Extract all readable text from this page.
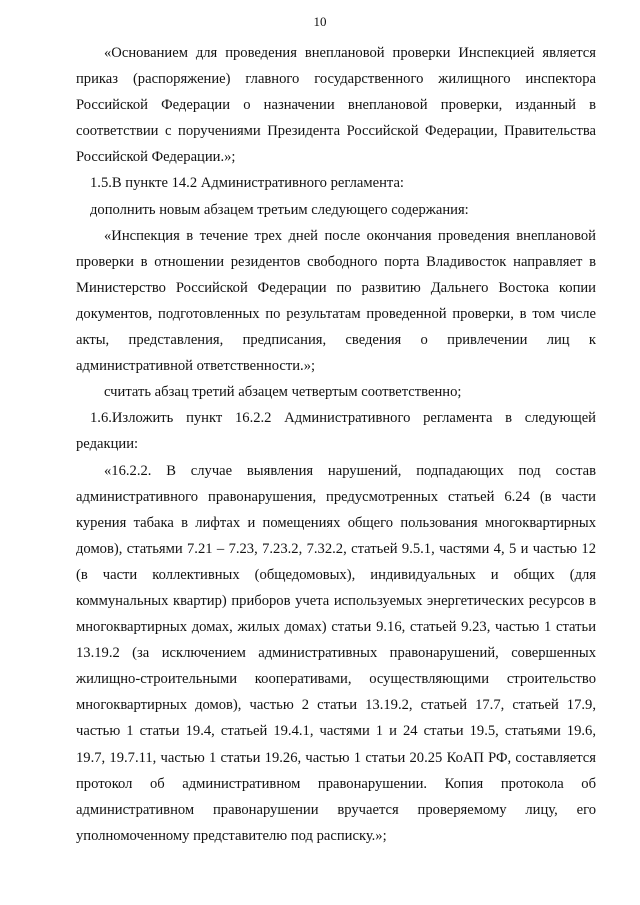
10

«Основанием для проведения внеплановой проверки Инспекцией является приказ (распоряжение) главного государственного жилищного инспектора Российской Федерации о назначении внеплановой проверки, изданный в соответствии с поручениями Президента Российской Федерации, Правительства Российской Федерации.»;

1.5.В пункте 14.2 Административного регламента:

дополнить новым абзацем третьим следующего содержания:

«Инспекция в течение трех дней после окончания проведения внеплановой проверки в отношении резидентов свободного порта Владивосток направляет в Министерство Российской Федерации по развитию Дальнего Востока копии документов, подготовленных по результатам проведенной проверки, в том числе акты, представления, предписания, сведения о привлечении лиц к административной ответственности.»;

считать абзац третий абзацем четвертым соответственно;

1.6.Изложить пункт 16.2.2 Административного регламента в следующей редакции:

«16.2.2. В случае выявления нарушений, подпадающих под состав административного правонарушения, предусмотренных статьей 6.24 (в части курения табака в лифтах и помещениях общего пользования многоквартирных домов), статьями 7.21 – 7.23, 7.23.2, 7.32.2, статьей 9.5.1, частями 4, 5 и частью 12 (в части коллективных (общедомовых), индивидуальных и общих (для коммунальных квартир) приборов учета используемых энергетических ресурсов в многоквартирных домах, жилых домах) статьи 9.16, статьей 9.23, частью 1 статьи 13.19.2 (за исключением административных правонарушений, совершенных жилищно-строительными кооперативами, осуществляющими строительство многоквартирных домов), частью 2 статьи 13.19.2, статьей 17.7, статьей 17.9, частью 1 статьи 19.4, статьей 19.4.1, частями 1 и 24 статьи 19.5, статьями 19.6, 19.7, 19.7.11, частью 1 статьи 19.26, частью 1 статьи 20.25 КоАП РФ, составляется протокол об административном правонарушении. Копия протокола об административном правонарушении вручается проверяемому лицу, его уполномоченному представителю под расписку.»;
